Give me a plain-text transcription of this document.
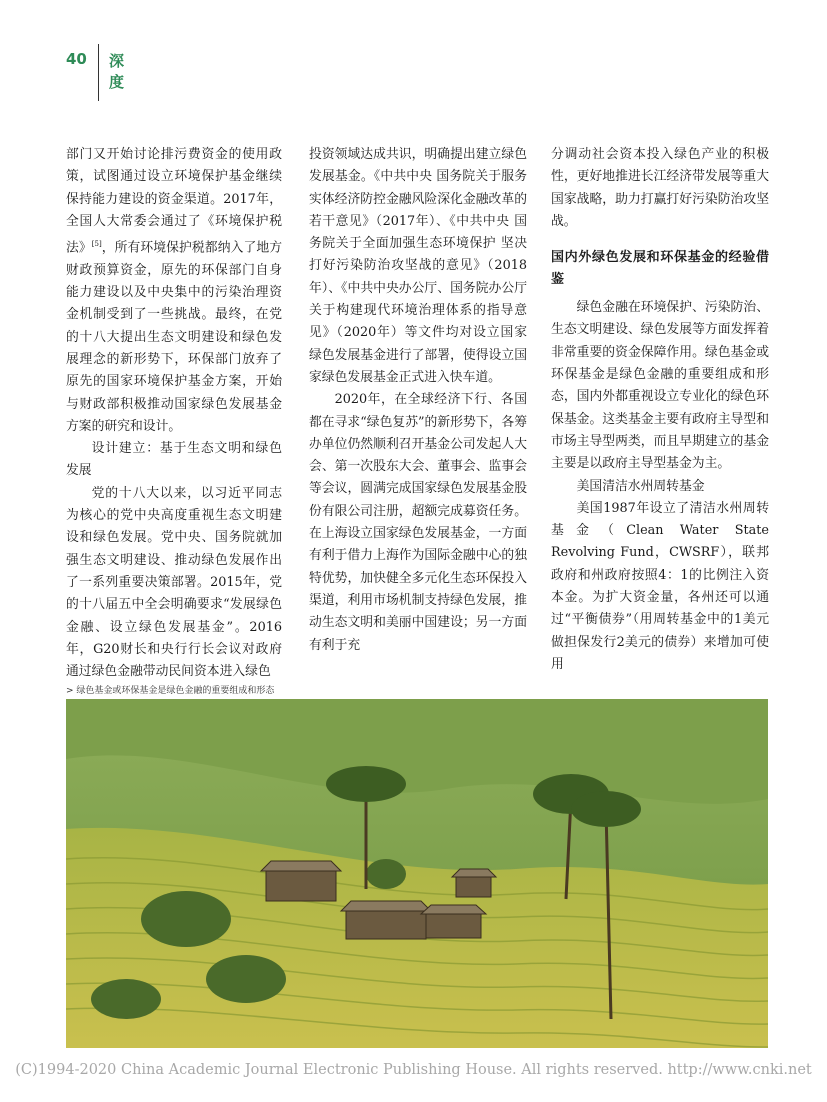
40 深度

部门又开始讨论排污费资金的使用政策，试图通过设立环境保护基金继续保持能力建设的资金渠道。2017年，全国人大常委会通过了《环境保护税法》[5]，所有环境保护税都纳入了地方财政预算资金，原先的环保部门自身能力建设以及中央集中的污染治理资金机制受到了一些挑战。最终，在党的十八大提出生态文明建设和绿色发展理念的新形势下，环保部门放弃了原先的国家环境保护基金方案，开始与财政部积极推动国家绿色发展基金方案的研究和设计。

设计建立：基于生态文明和绿色发展

党的十八大以来，以习近平同志为核心的党中央高度重视生态文明建设和绿色发展。党中央、国务院就加强生态文明建设、推动绿色发展作出了一系列重要决策部署。2015年，党的十八届五中全会明确要求“发展绿色金融、设立绿色发展基金”。2016年，G20财长和央行行长会议对政府通过绿色金融带动民间资本进入绿色

投资领域达成共识，明确提出建立绿色发展基金。《中共中央 国务院关于服务实体经济防控金融风险深化金融改革的若干意见》（2017年）、《中共中央 国务院关于全面加强生态环境保护 坚决打好污染防治攻坚战的意见》（2018年）、《中共中央办公厅、国务院办公厅关于构建现代环境治理体系的指导意见》（2020年）等文件均对设立国家绿色发展基金进行了部署，使得设立国家绿色发展基金正式进入快车道。

2020年，在全球经济下行、各国都在寻求“绿色复苏”的新形势下，各筹办单位仍然顺利召开基金公司发起人大会、第一次股东大会、董事会、监事会等会议，圆满完成国家绿色发展基金股份有限公司注册，超额完成募资任务。在上海设立国家绿色发展基金，一方面有利于借力上海作为国际金融中心的独特优势，加快健全多元化生态环保投入渠道，利用市场机制支持绿色发展，推动生态文明和美丽中国建设；另一方面有利于充

分调动社会资本投入绿色产业的积极性，更好地推进长江经济带发展等重大国家战略，助力打赢打好污染防治攻坚战。

国内外绿色发展和环保基金的经验借鉴

绿色金融在环境保护、污染防治、生态文明建设、绿色发展等方面发挥着非常重要的资金保障作用。绿色基金或环保基金是绿色金融的重要组成和形态，国内外都重视设立专业化的绿色环保基金。这类基金主要有政府主导型和市场主导型两类，而且早期建立的基金主要是以政府主导型基金为主。

美国清洁水州周转基金

美国1987年设立了清洁水州周转基金（Clean Water State Revolving Fund，CWSRF），联邦政府和州政府按照4：1的比例注入资本金。为扩大资金量，各州还可以通过“平衡债券”（用周转基金中的1美元做担保发行2美元的债券）来增加可使用

> 绿色基金或环保基金是绿色金融的重要组成和形态
(C)1994-2020 China Academic Journal Electronic Publishing House. All rights reserved. http://www.cnki.net
